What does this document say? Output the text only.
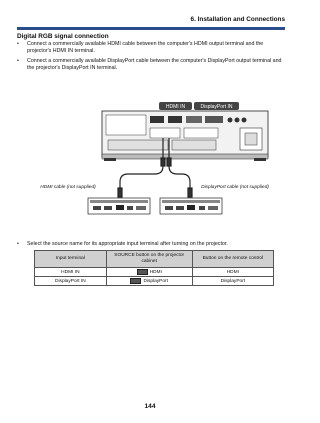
6. Installation and Connections
Digital RGB signal connection
• Connect a commercially available HDMI cable between the computer's HDMI output terminal and the projector's HDMI IN terminal.
• Connect a commercially available DisplayPort cable between the computer's DisplayPort output terminal and the projector's DisplayPort IN terminal.
HDMI IN	DisplayPort IN
HDMI cable (not supplied)	DisplayPort cable (not supplied)
• Select the source name for its appropriate input terminal after turning on the projector.
Input terminal	SOURCE button on the projector cabinet	Button on the remote control
HDMI IN	HDMI	HDMI
DisplayPort IN	DisplayPort	DisplayPort
144
